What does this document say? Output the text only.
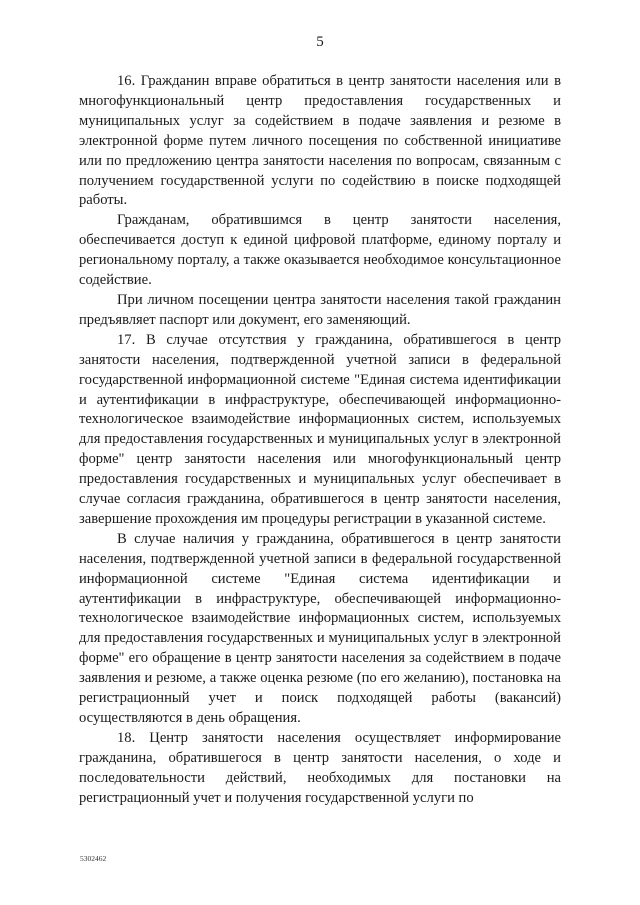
5

16. Гражданин вправе обратиться в центр занятости населения или в многофункциональный центр предоставления государственных и муниципальных услуг за содействием в подаче заявления и резюме в электронной форме путем личного посещения по собственной инициативе или по предложению центра занятости населения по вопросам, связанным с получением государственной услуги по содействию в поиске подходящей работы.

Гражданам, обратившимся в центр занятости населения, обеспечивается доступ к единой цифровой платформе, единому порталу и региональному порталу, а также оказывается необходимое консультационное содействие.

При личном посещении центра занятости населения такой гражданин предъявляет паспорт или документ, его заменяющий.

17. В случае отсутствия у гражданина, обратившегося в центр занятости населения, подтвержденной учетной записи в федеральной государственной информационной системе "Единая система идентификации и аутентификации в инфраструктуре, обеспечивающей информационно-технологическое взаимодействие информационных систем, используемых для предоставления государственных и муниципальных услуг в электронной форме" центр занятости населения или многофункциональный центр предоставления государственных и муниципальных услуг обеспечивает в случае согласия гражданина, обратившегося в центр занятости населения, завершение прохождения им процедуры регистрации в указанной системе.

В случае наличия у гражданина, обратившегося в центр занятости населения, подтвержденной учетной записи в федеральной государственной информационной системе "Единая система идентификации и аутентификации в инфраструктуре, обеспечивающей информационно-технологическое взаимодействие информационных систем, используемых для предоставления государственных и муниципальных услуг в электронной форме" его обращение в центр занятости населения за содействием в подаче заявления и резюме, а также оценка резюме (по его желанию), постановка на регистрационный учет и поиск подходящей работы (вакансий) осуществляются в день обращения.

18. Центр занятости населения осуществляет информирование гражданина, обратившегося в центр занятости населения, о ходе и последовательности действий, необходимых для постановки на регистрационный учет и получения государственной услуги по

5302462
